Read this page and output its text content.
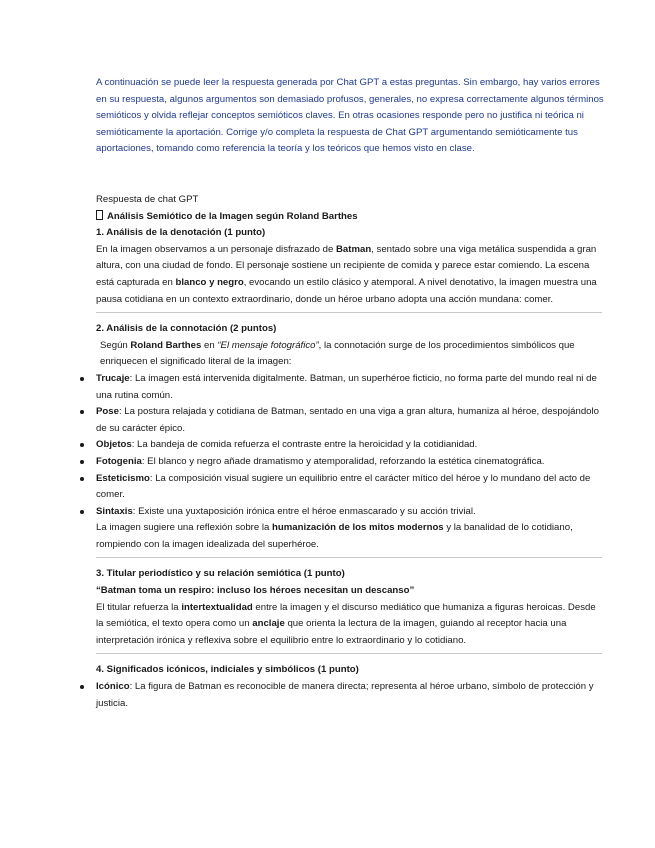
A continuación se puede leer la respuesta generada por Chat GPT a estas preguntas. Sin embargo, hay varios errores en su respuesta, algunos argumentos son demasiado profusos, generales, no expresa correctamente algunos términos semióticos y olvida reflejar conceptos semióticos claves. En otras ocasiones responde pero no justifica ni teórica ni semióticamente la aportación. Corrige y/o completa la respuesta de Chat GPT argumentando semióticamente tus aportaciones, tomando como referencia la teoría y los teóricos que hemos visto en clase.

Respuesta de chat GPT
Análisis Semiótico de la Imagen según Roland Barthes
1. Análisis de la denotación (1 punto)
En la imagen observamos a un personaje disfrazado de Batman, sentado sobre una viga metálica suspendida a gran altura, con una ciudad de fondo. El personaje sostiene un recipiente de comida y parece estar comiendo. La escena está capturada en blanco y negro, evocando un estilo clásico y atemporal. A nivel denotativo, la imagen muestra una pausa cotidiana en un contexto extraordinario, donde un héroe urbano adopta una acción mundana: comer.
2. Análisis de la connotación (2 puntos)
Según Roland Barthes en “El mensaje fotográfico”, la connotación surge de los procedimientos simbólicos que enriquecen el significado literal de la imagen:
Trucaje: La imagen está intervenida digitalmente. Batman, un superhéroe ficticio, no forma parte del mundo real ni de una rutina común.
Pose: La postura relajada y cotidiana de Batman, sentado en una viga a gran altura, humaniza al héroe, despojándolo de su carácter épico.
Objetos: La bandeja de comida refuerza el contraste entre la heroicidad y la cotidianidad.
Fotogenia: El blanco y negro añade dramatismo y atemporalidad, reforzando la estética cinematográfica.
Esteticismo: La composición visual sugiere un equilibrio entre el carácter mítico del héroe y lo mundano del acto de comer.
Sintaxis: Existe una yuxtaposición irónica entre el héroe enmascarado y su acción trivial.
La imagen sugiere una reflexión sobre la humanización de los mitos modernos y la banalidad de lo cotidiano, rompiendo con la imagen idealizada del superhéroe.
3. Titular periodístico y su relación semiótica (1 punto)
“Batman toma un respiro: incluso los héroes necesitan un descanso”
El titular refuerza la intertextualidad entre la imagen y el discurso mediático que humaniza a figuras heroicas. Desde la semiótica, el texto opera como un anclaje que orienta la lectura de la imagen, guiando al receptor hacia una interpretación irónica y reflexiva sobre el equilibrio entre lo extraordinario y lo cotidiano.
4. Significados icónicos, indiciales y simbólicos (1 punto)
Icónico: La figura de Batman es reconocible de manera directa; representa al héroe urbano, símbolo de protección y justicia.
